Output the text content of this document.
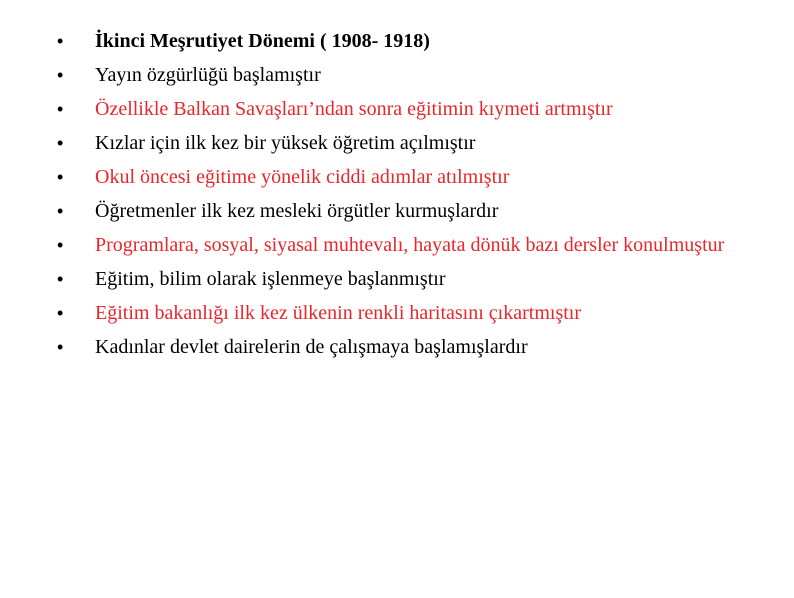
• İkinci Meşrutiyet Dönemi ( 1908- 1918)
• Yayın özgürlüğü başlamıştır
• Özellikle Balkan Savaşları’ndan sonra eğitimin kıymeti artmıştır
• Kızlar için ilk kez bir yüksek öğretim açılmıştır
• Okul öncesi eğitime yönelik ciddi adımlar atılmıştır
• Öğretmenler ilk kez mesleki örgütler kurmuşlardır
• Programlara, sosyal, siyasal muhtevalı, hayata dönük bazı dersler konulmuştur
• Eğitim, bilim olarak işlenmeye başlanmıştır
• Eğitim bakanlığı ilk kez ülkenin renkli haritasını çıkartmıştır
• Kadınlar devlet dairelerin de çalışmaya başlamışlardır
